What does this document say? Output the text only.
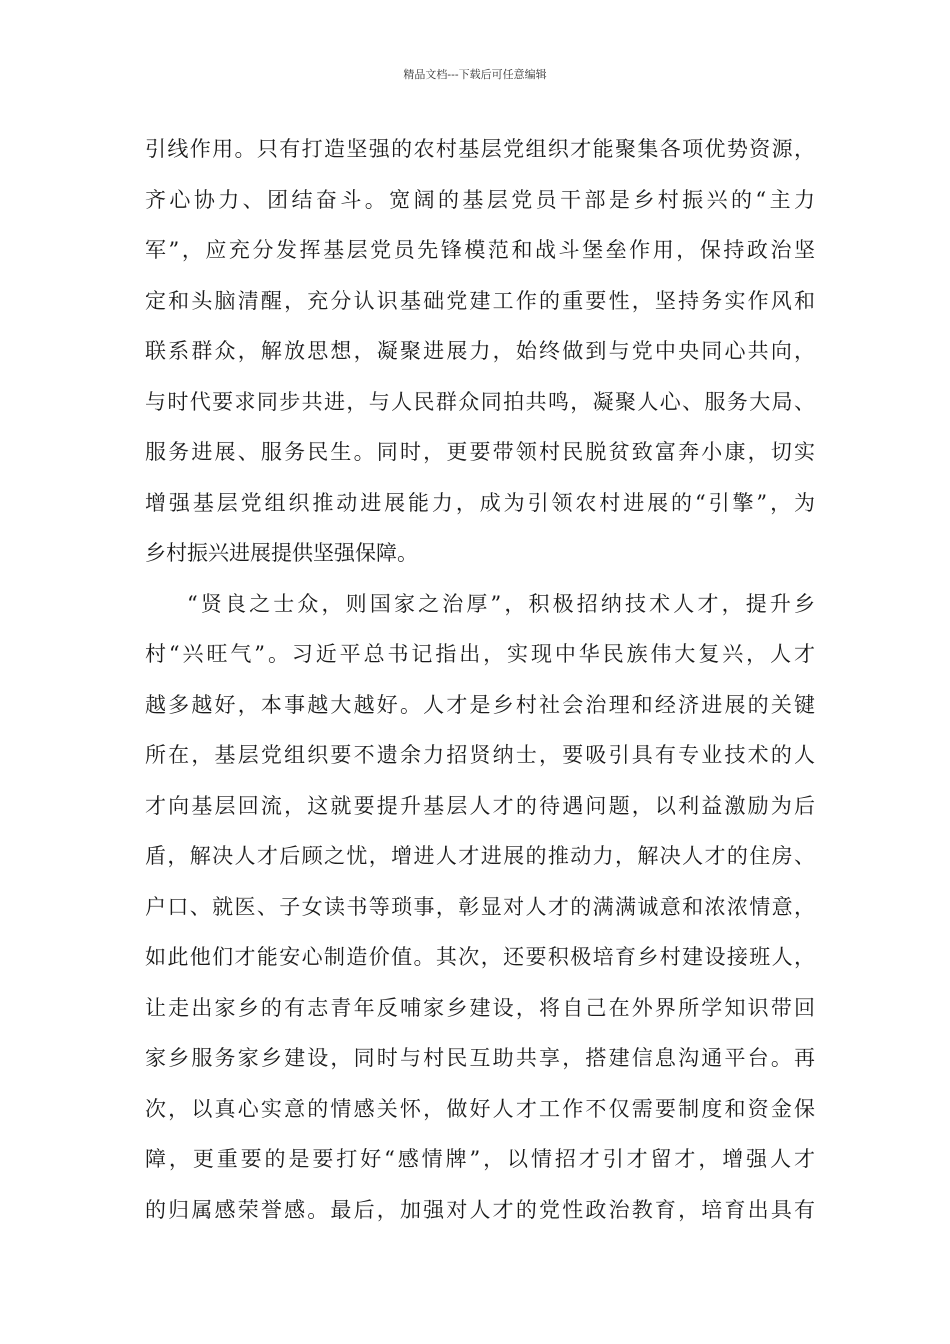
精品文档---下载后可任意编辑
引线作用。只有打造坚强的农村基层党组织才能聚集各项优势资源，
齐心协力、团结奋斗。宽阔的基层党员干部是乡村振兴的“主力
军”，应充分发挥基层党员先锋模范和战斗堡垒作用，保持政治坚
定和头脑清醒，充分认识基础党建工作的重要性，坚持务实作风和
联系群众，解放思想，凝聚进展力，始终做到与党中央同心共向，
与时代要求同步共进，与人民群众同拍共鸣，凝聚人心、服务大局、
服务进展、服务民生。同时，更要带领村民脱贫致富奔小康，切实
增强基层党组织推动进展能力，成为引领农村进展的“引擎”，为
乡村振兴进展提供坚强保障。
“贤良之士众，则国家之治厚”，积极招纳技术人才，提升乡
村“兴旺气”。习近平总书记指出，实现中华民族伟大复兴，人才
越多越好，本事越大越好。人才是乡村社会治理和经济进展的关键
所在，基层党组织要不遗余力招贤纳士，要吸引具有专业技术的人
才向基层回流，这就要提升基层人才的待遇问题，以利益激励为后
盾，解决人才后顾之忧，增进人才进展的推动力，解决人才的住房、
户口、就医、子女读书等琐事，彰显对人才的满满诚意和浓浓情意，
如此他们才能安心制造价值。其次，还要积极培育乡村建设接班人，
让走出家乡的有志青年反哺家乡建设，将自己在外界所学知识带回
家乡服务家乡建设，同时与村民互助共享，搭建信息沟通平台。再
次，以真心实意的情感关怀，做好人才工作不仅需要制度和资金保
障，更重要的是要打好“感情牌”，以情招才引才留才，增强人才
的归属感荣誉感。最后，加强对人才的党性政治教育，培育出具有
